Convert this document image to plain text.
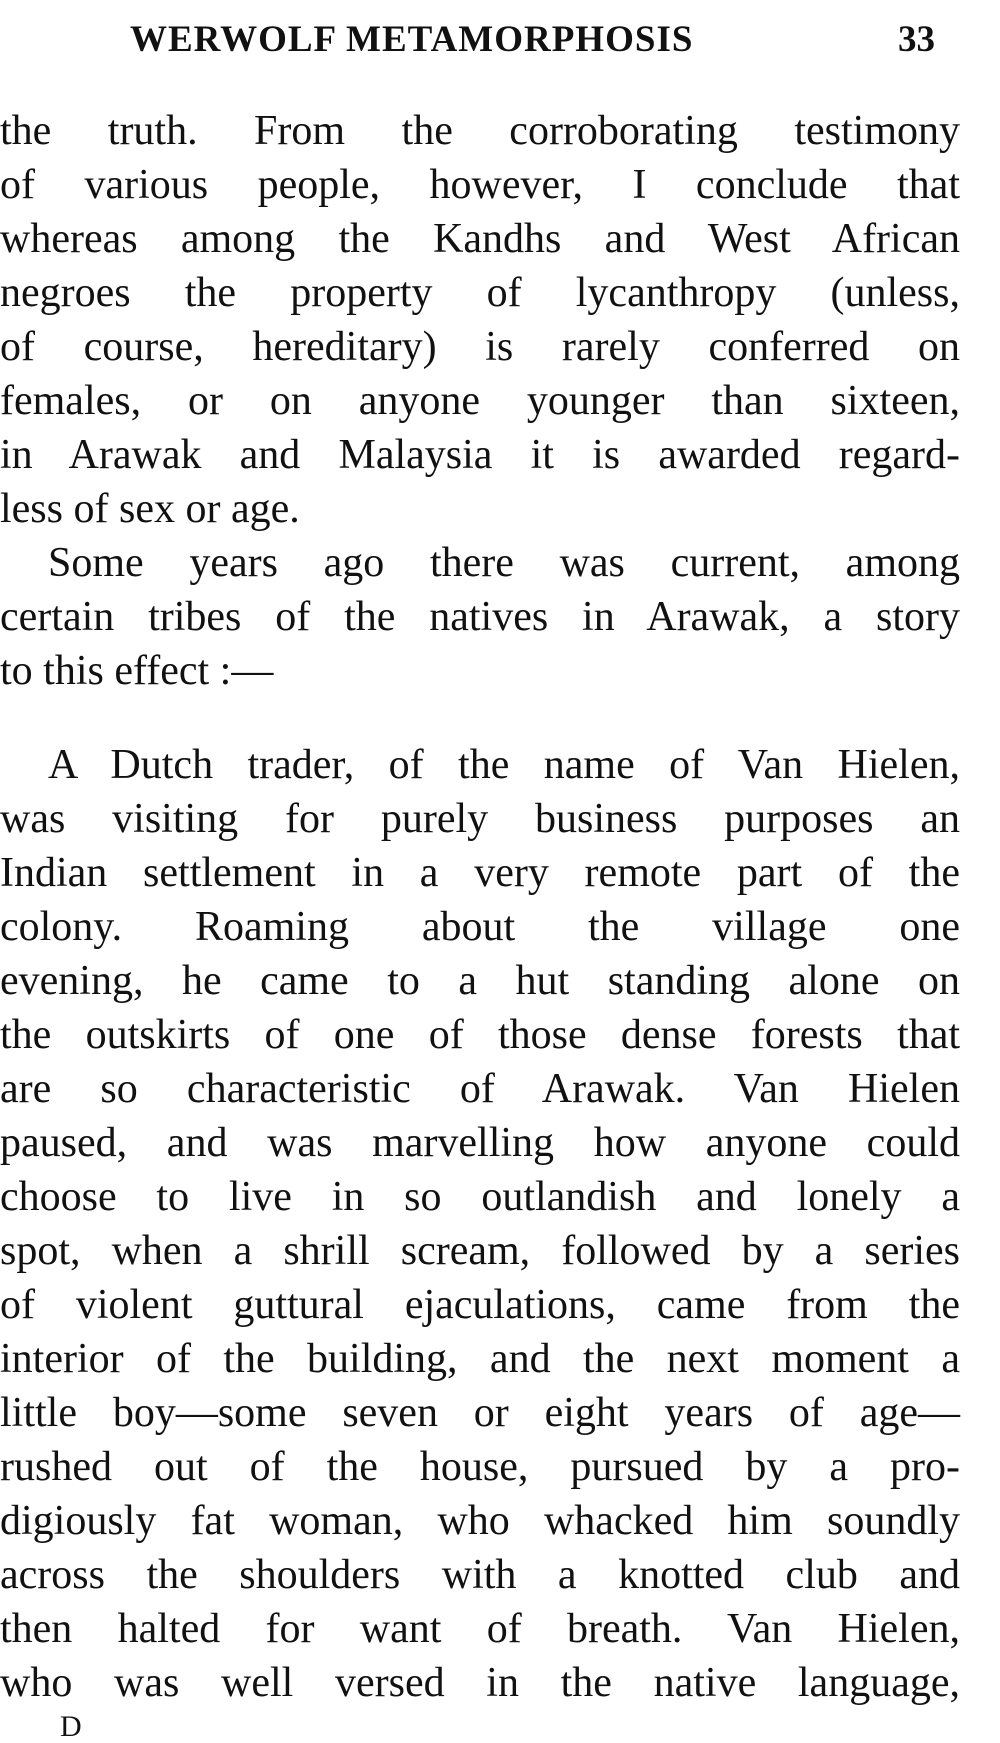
WERWOLF METAMORPHOSIS	33
the truth. From the corroborating testimony
of various people, however, I conclude that
whereas among the Kandhs and West African
negroes the property of lycanthropy (unless,
of course, hereditary) is rarely conferred on
females, or on anyone younger than sixteen,
in Arawak and Malaysia it is awarded regard-
less of sex or age.
Some years ago there was current, among
certain tribes of the natives in Arawak, a story
to this effect :—
A Dutch trader, of the name of Van Hielen,
was visiting for purely business purposes an
Indian settlement in a very remote part of the
colony. Roaming about the village one
evening, he came to a hut standing alone on
the outskirts of one of those dense forests that
are so characteristic of Arawak. Van Hielen
paused, and was marvelling how anyone could
choose to live in so outlandish and lonely a
spot, when a shrill scream, followed by a series
of violent guttural ejaculations, came from the
interior of the building, and the next moment a
little boy—some seven or eight years of age—
rushed out of the house, pursued by a pro-
digiously fat woman, who whacked him soundly
across the shoulders with a knotted club and
then halted for want of breath. Van Hielen,
who was well versed in the native language,
D
